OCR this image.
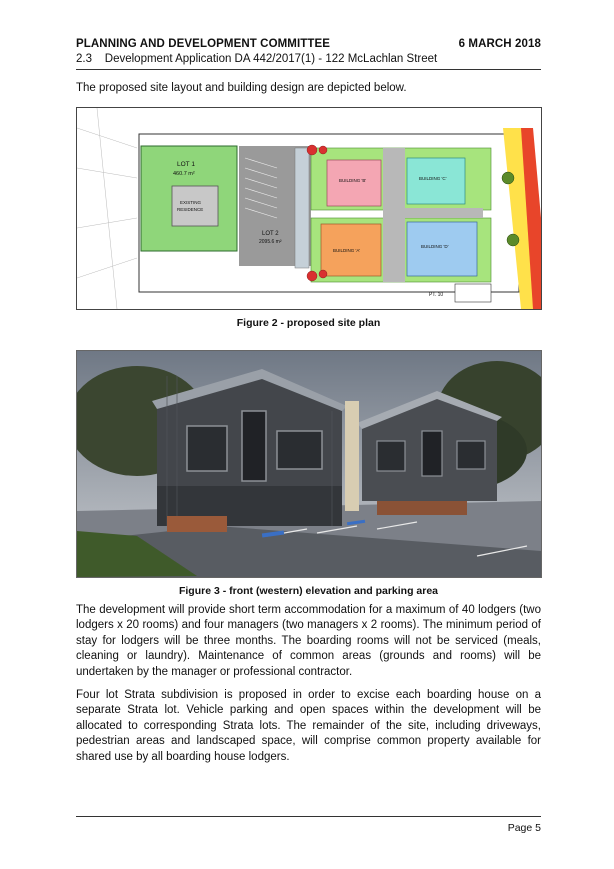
PLANNING AND DEVELOPMENT COMMITTEE	6 MARCH 2018
2.3 Development Application DA 442/2017(1) - 122 McLachlan Street
The proposed site layout and building design are depicted below.
LOT 1
460.7 m²
EXISTING
RESIDENCE
LOT 2
2095.6 m²
BUILDING 'B'	BUILDING 'C'
BUILDING 'A'
BUILDING 'D'
PT. 10
Figure 2 - proposed site plan
Figure 3 - front (western) elevation and parking area

The development will provide short term accommodation for a maximum of 40 lodgers (two lodgers x 20 rooms) and four managers (two managers x 2 rooms). The minimum period of stay for lodgers will be three months. The boarding rooms will not be serviced (meals, cleaning or laundry). Maintenance of common areas (grounds and rooms) will be undertaken by the manager or professional contractor.

Four lot Strata subdivision is proposed in order to excise each boarding house on a separate Strata lot. Vehicle parking and open spaces within the development will be allocated to corresponding Strata lots. The remainder of the site, including driveways, pedestrian areas and landscaped space, will comprise common property available for shared use by all boarding house lodgers.

Page 5
